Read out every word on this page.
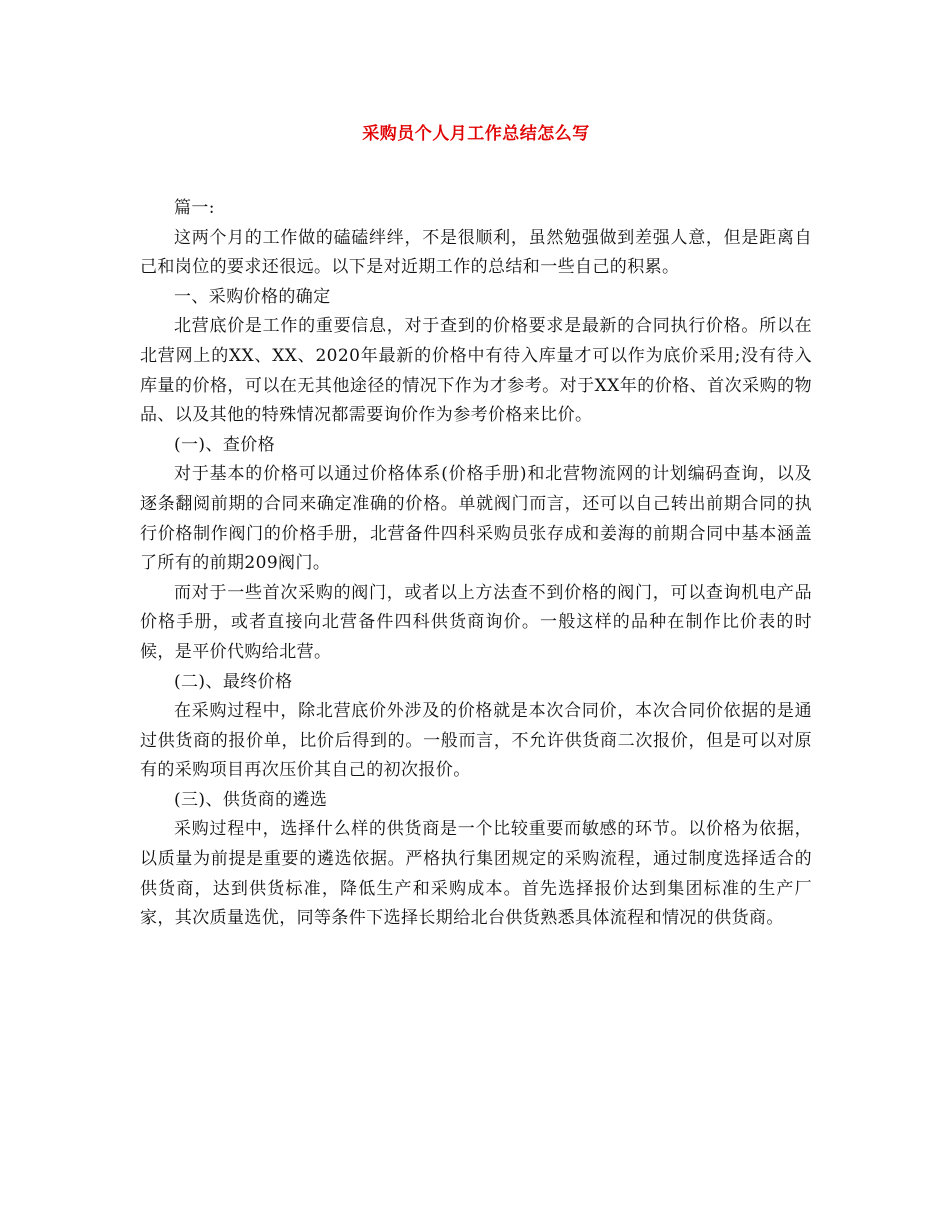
采购员个人月工作总结怎么写

篇一:

这两个月的工作做的磕磕绊绊，不是很顺利，虽然勉强做到差强人意，但是距离自己和岗位的要求还很远。以下是对近期工作的总结和一些自己的积累。

一、采购价格的确定

北营底价是工作的重要信息，对于查到的价格要求是最新的合同执行价格。所以在北营网上的XX、XX、2020年最新的价格中有待入库量才可以作为底价采用;没有待入库量的价格，可以在无其他途径的情况下作为才参考。对于XX年的价格、首次采购的物品、以及其他的特殊情况都需要询价作为参考价格来比价。

(一)、查价格

对于基本的价格可以通过价格体系(价格手册)和北营物流网的计划编码查询，以及逐条翻阅前期的合同来确定准确的价格。单就阀门而言，还可以自己转出前期合同的执行价格制作阀门的价格手册，北营备件四科采购员张存成和姜海的前期合同中基本涵盖了所有的前期209阀门。

而对于一些首次采购的阀门，或者以上方法查不到价格的阀门，可以查询机电产品价格手册，或者直接向北营备件四科供货商询价。一般这样的品种在制作比价表的时候，是平价代购给北营。

(二)、最终价格

在采购过程中，除北营底价外涉及的价格就是本次合同价，本次合同价依据的是通过供货商的报价单，比价后得到的。一般而言，不允许供货商二次报价，但是可以对原有的采购项目再次压价其自己的初次报价。

(三)、供货商的遴选

采购过程中，选择什么样的供货商是一个比较重要而敏感的环节。以价格为依据，以质量为前提是重要的遴选依据。严格执行集团规定的采购流程，通过制度选择适合的供货商，达到供货标准，降低生产和采购成本。首先选择报价达到集团标准的生产厂家，其次质量选优，同等条件下选择长期给北台供货熟悉具体流程和情况的供货商。
